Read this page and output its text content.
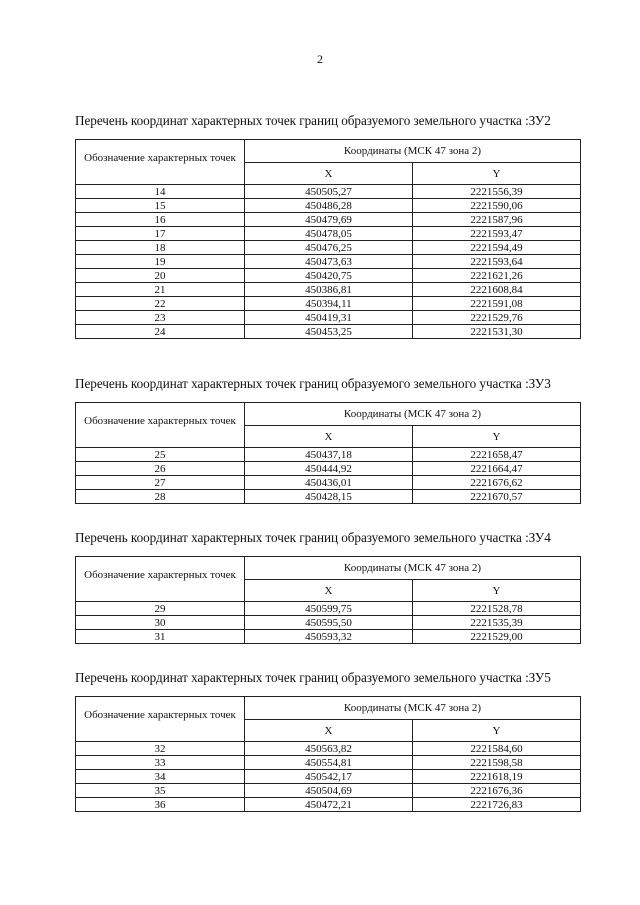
2
Перечень координат характерных точек границ образуемого земельного участка :ЗУ2
Обозначение характерных точек	Координаты (МСК 47 зона 2)	
	X	Y
14	450505,27	2221556,39
15	450486,28	2221590,06
16	450479,69	2221587,96
17	450478,05	2221593,47
18	450476,25	2221594,49
19	450473,63	2221593,64
20	450420,75	2221621,26
21	450386,81	2221608,84
22	450394,11	2221591,08
23	450419,31	2221529,76
24	450453,25	2221531,30
Перечень координат характерных точек границ образуемого земельного участка :ЗУ3
Обозначение характерных точек	Координаты (МСК 47 зона 2)	
	X	Y
25	450437,18	2221658,47
26	450444,92	2221664,47
27	450436,01	2221676,62
28	450428,15	2221670,57
Перечень координат характерных точек границ образуемого земельного участка :ЗУ4
Обозначение характерных точек	Координаты (МСК 47 зона 2)	
	X	Y
29	450599,75	2221528,78
30	450595,50	2221535,39
31	450593,32	2221529,00
Перечень координат характерных точек границ образуемого земельного участка :ЗУ5
Обозначение характерных точек	Координаты (МСК 47 зона 2)	
	X	Y
32	450563,82	2221584,60
33	450554,81	2221598,58
34	450542,17	2221618,19
35	450504,69	2221676,36
36	450472,21	2221726,83
